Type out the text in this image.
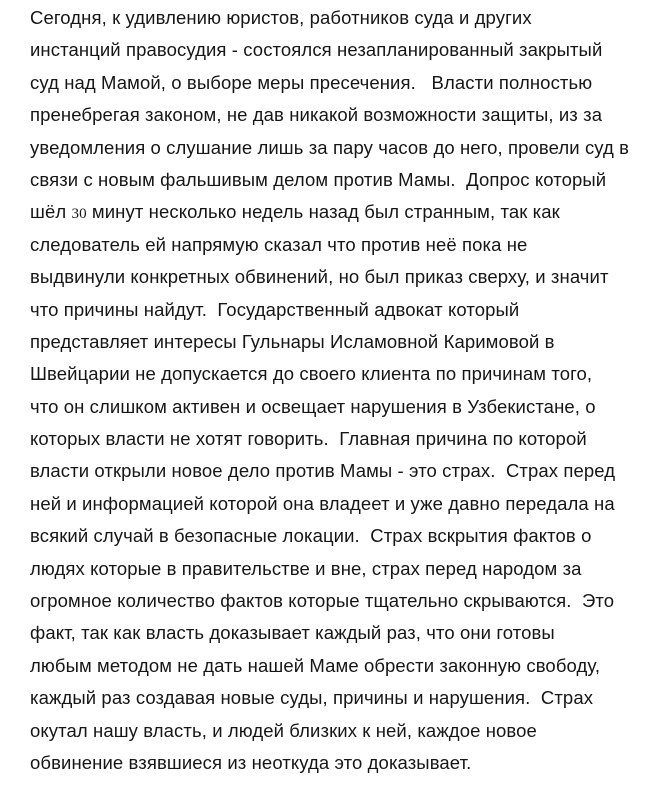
Сегодня, к удивлению юристов, работников суда и других
инстанций правосудия - состоялся незапланированный закрытый
суд над Мамой, о выборе меры пресечения.   Власти полностью
пренебрегая законом, не дав никакой возможности защиты, из за
уведомления о слушание лишь за пару часов до него, провели суд в
связи с новым фальшивым делом против Мамы.  Допрос который
шёл 30 минут несколько недель назад был странным, так как
следователь ей напрямую сказал что против неё пока не
выдвинули конкретных обвинений, но был приказ сверху, и значит
что причины найдут.  Государственный адвокат который
представляет интересы Гульнары Исламовной Каримовой в
Швейцарии не допускается до своего клиента по причинам того,
что он слишком активен и освещает нарушения в Узбекистане, о
которых власти не хотят говорить.  Главная причина по которой
власти открыли новое дело против Мамы - это страх.  Страх перед
ней и информацией которой она владеет и уже давно передала на
всякий случай в безопасные локации.  Страх вскрытия фактов о
людях которые в правительстве и вне, страх перед народом за
огромное количество фактов которые тщательно скрываются.  Это
факт, так как власть доказывает каждый раз, что они готовы
любым методом не дать нашей Маме обрести законную свободу,
каждый раз создавая новые суды, причины и нарушения.  Страх
окутал нашу власть, и людей близких к ней, каждое новое
обвинение взявшиеся из неоткуда это доказывает.
